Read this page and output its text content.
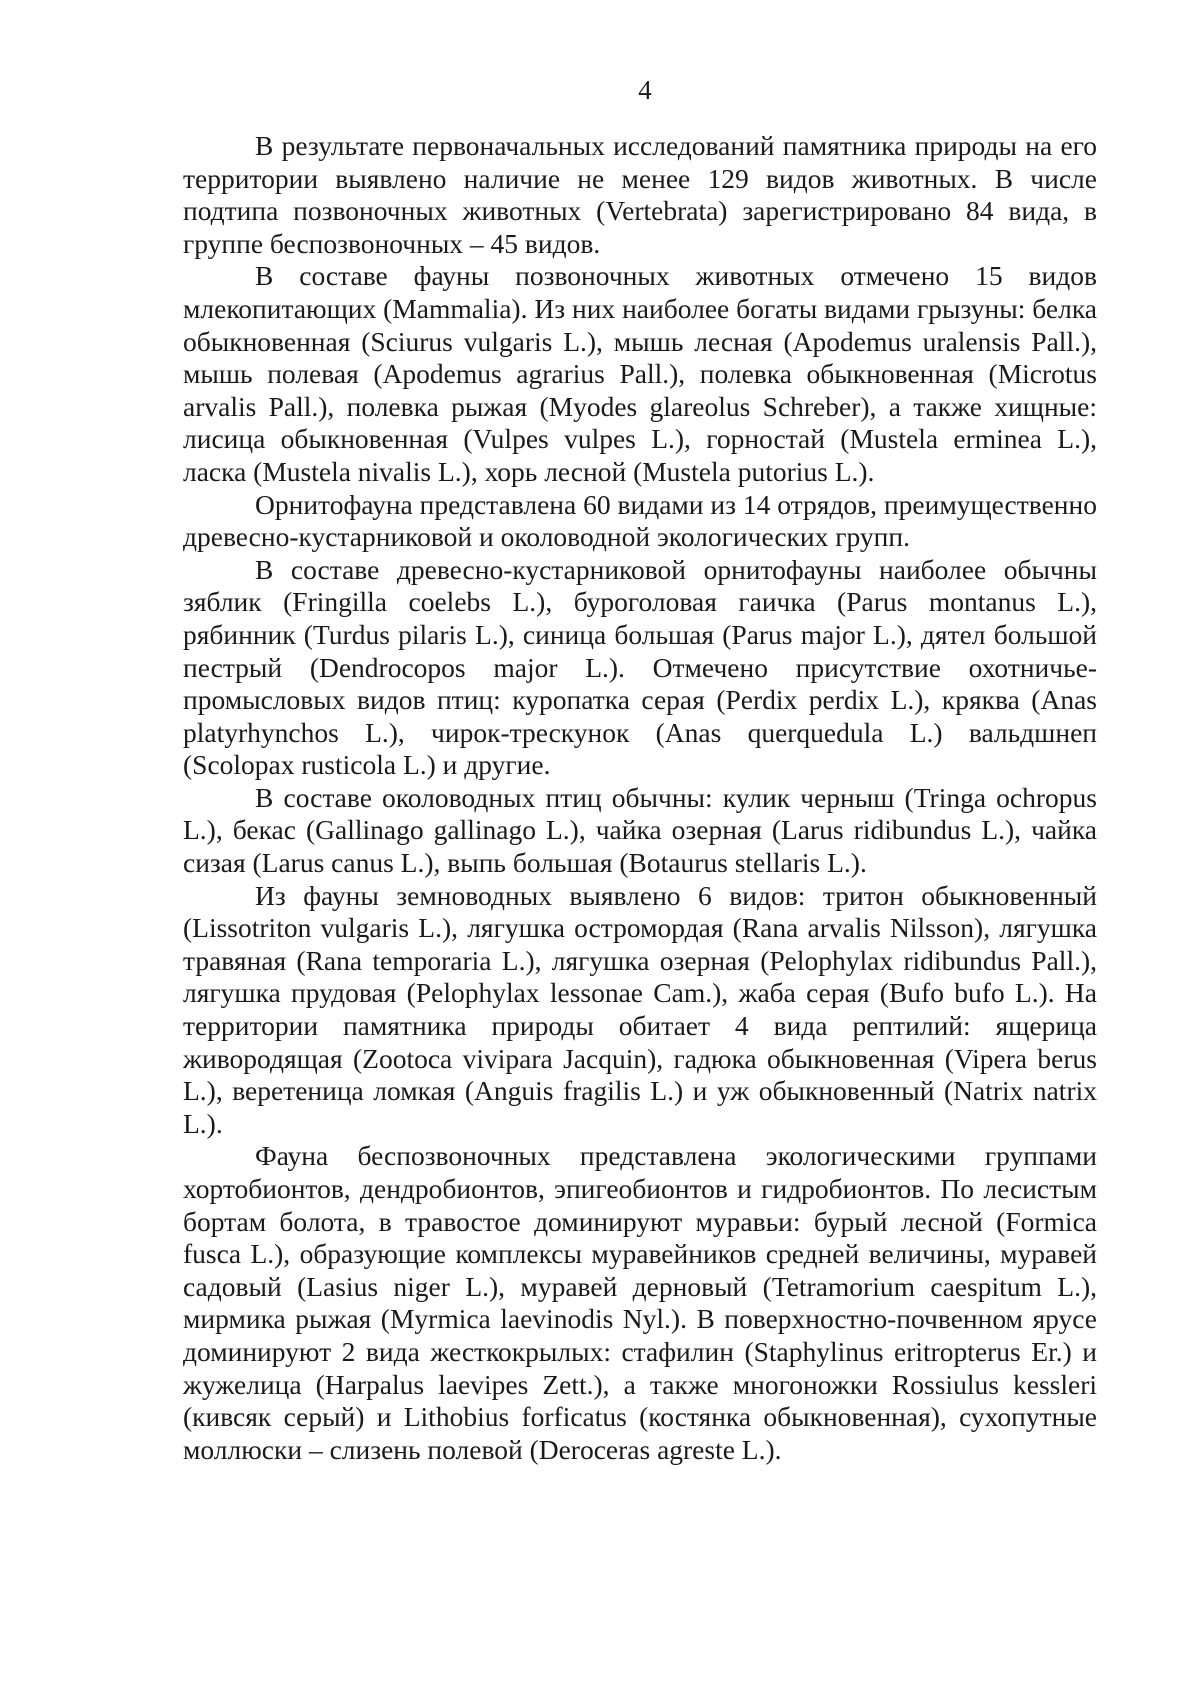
4

В результате первоначальных исследований памятника природы на его территории выявлено наличие не менее 129 видов животных. В числе подтипа позвоночных животных (Vertebrata) зарегистрировано 84 вида, в группе беспозвоночных – 45 видов.

В составе фауны позвоночных животных отмечено 15 видов млекопитающих (Mammalia). Из них наиболее богаты видами грызуны: белка обыкновенная (Sciurus vulgaris L.), мышь лесная (Apodemus uralensis Pall.), мышь полевая (Apodemus agrarius Pall.), полевка обыкновенная (Microtus arvalis Pall.), полевка рыжая (Myodes glareolus Schreber), а также хищные: лисица обыкновенная (Vulpes vulpes L.), горностай (Mustela erminea L.), ласка (Mustela nivalis L.), хорь лесной (Mustela putorius L.).

Орнитофауна представлена 60 видами из 14 отрядов, преимущественно древесно-кустарниковой и околоводной экологических групп.

В составе древесно-кустарниковой орнитофауны наиболее обычны зяблик (Fringilla coelebs L.), буроголовая гаичка (Parus montanus L.), рябинник (Turdus pilaris L.), синица большая (Parus major L.), дятел большой пестрый (Dendrocopos major L.). Отмечено присутствие охотничье-промысловых видов птиц: куропатка серая (Perdix perdix L.), кряква (Anas platyrhynchos L.), чирок-трескунок (Anas querquedula L.) вальдшнеп (Scolopax rusticola L.) и другие.

В составе околоводных птиц обычны: кулик черныш (Tringa ochropus L.), бекас (Gallinago gallinago L.), чайка озерная (Larus ridibundus L.), чайка сизая (Larus canus L.), выпь большая (Botaurus stellaris L.).

Из фауны земноводных выявлено 6 видов: тритон обыкновенный (Lissotriton vulgaris L.), лягушка остромордая (Rana arvalis Nilsson), лягушка травяная (Rana temporaria L.), лягушка озерная (Pelophylax ridibundus Pall.), лягушка прудовая (Pelophylax lessonae Cam.), жаба серая (Bufo bufo L.). На территории памятника природы обитает 4 вида рептилий: ящерица живородящая (Zootoca vivipara Jacquin), гадюка обыкновенная (Vipera berus L.), веретеница ломкая (Anguis fragilis L.) и уж обыкновенный (Natrix natrix L.).

Фауна беспозвоночных представлена экологическими группами хортобионтов, дендробионтов, эпигеобионтов и гидробионтов. По лесистым бортам болота, в травостое доминируют муравьи: бурый лесной (Formica fusca L.), образующие комплексы муравейников средней величины, муравей садовый (Lasius niger L.), муравей дерновый (Tetramorium caespitum L.), мирмика рыжая (Myrmica laevinodis Nyl.). В поверхностно-почвенном ярусе доминируют 2 вида жесткокрылых: стафилин (Staphylinus eritropterus Er.) и жужелица (Harpalus laevipes Zett.), а также многоножки Rossiulus kessleri (кивсяк серый) и Lithobius forficatus (костянка обыкновенная), сухопутные моллюски – слизень полевой (Deroceras agreste L.).
